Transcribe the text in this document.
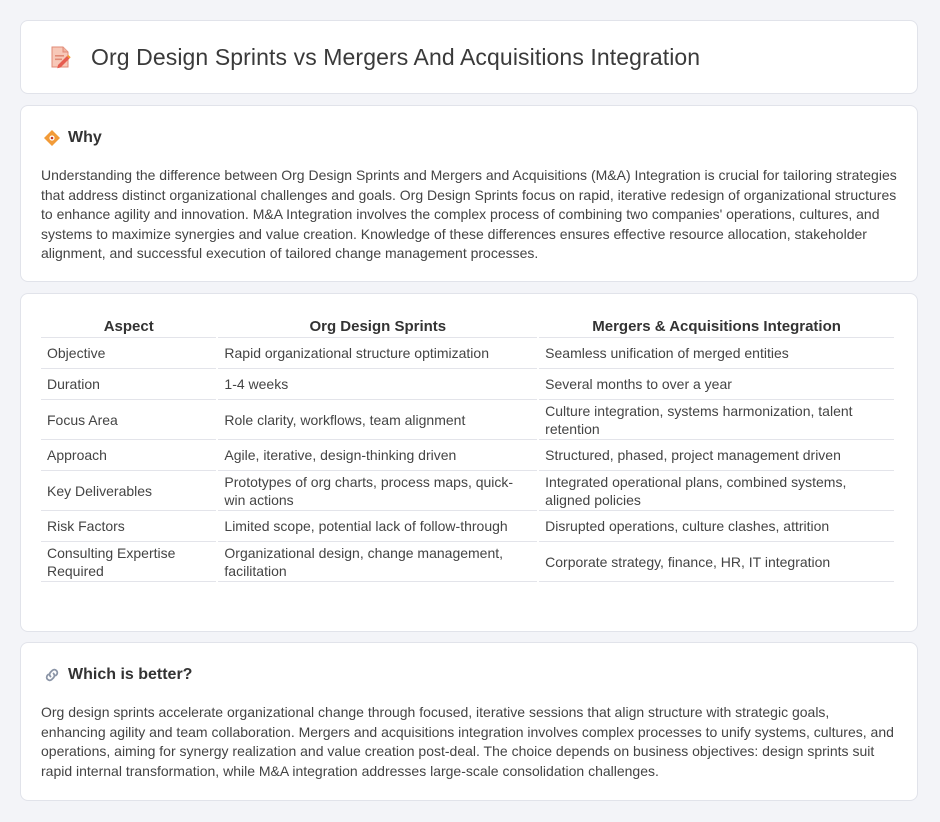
Org Design Sprints vs Mergers And Acquisitions Integration
Why

Understanding the difference between Org Design Sprints and Mergers and Acquisitions (M&A) Integration is crucial for tailoring strategies that address distinct organizational challenges and goals. Org Design Sprints focus on rapid, iterative redesign of organizational structures to enhance agility and innovation. M&A Integration involves the complex process of combining two companies' operations, cultures, and systems to maximize synergies and value creation. Knowledge of these differences ensures effective resource allocation, stakeholder alignment, and successful execution of tailored change management processes.

Aspect	Org Design Sprints	Mergers & Acquisitions Integration
Objective	Rapid organizational structure optimization	Seamless unification of merged entities
Duration	1-4 weeks	Several months to over a year
Focus Area	Role clarity, workflows, team alignment	Culture integration, systems harmonization, talent retention
Approach	Agile, iterative, design-thinking driven	Structured, phased, project management driven
Key Deliverables	Prototypes of org charts, process maps, quick-win actions	Integrated operational plans, combined systems, aligned policies
Risk Factors	Limited scope, potential lack of follow-through	Disrupted operations, culture clashes, attrition
Consulting Expertise Required	Organizational design, change management, facilitation	Corporate strategy, finance, HR, IT integration
Which is better?

Org design sprints accelerate organizational change through focused, iterative sessions that align structure with strategic goals, enhancing agility and team collaboration. Mergers and acquisitions integration involves complex processes to unify systems, cultures, and operations, aiming for synergy realization and value creation post-deal. The choice depends on business objectives: design sprints suit rapid internal transformation, while M&A integration addresses large-scale consolidation challenges.
